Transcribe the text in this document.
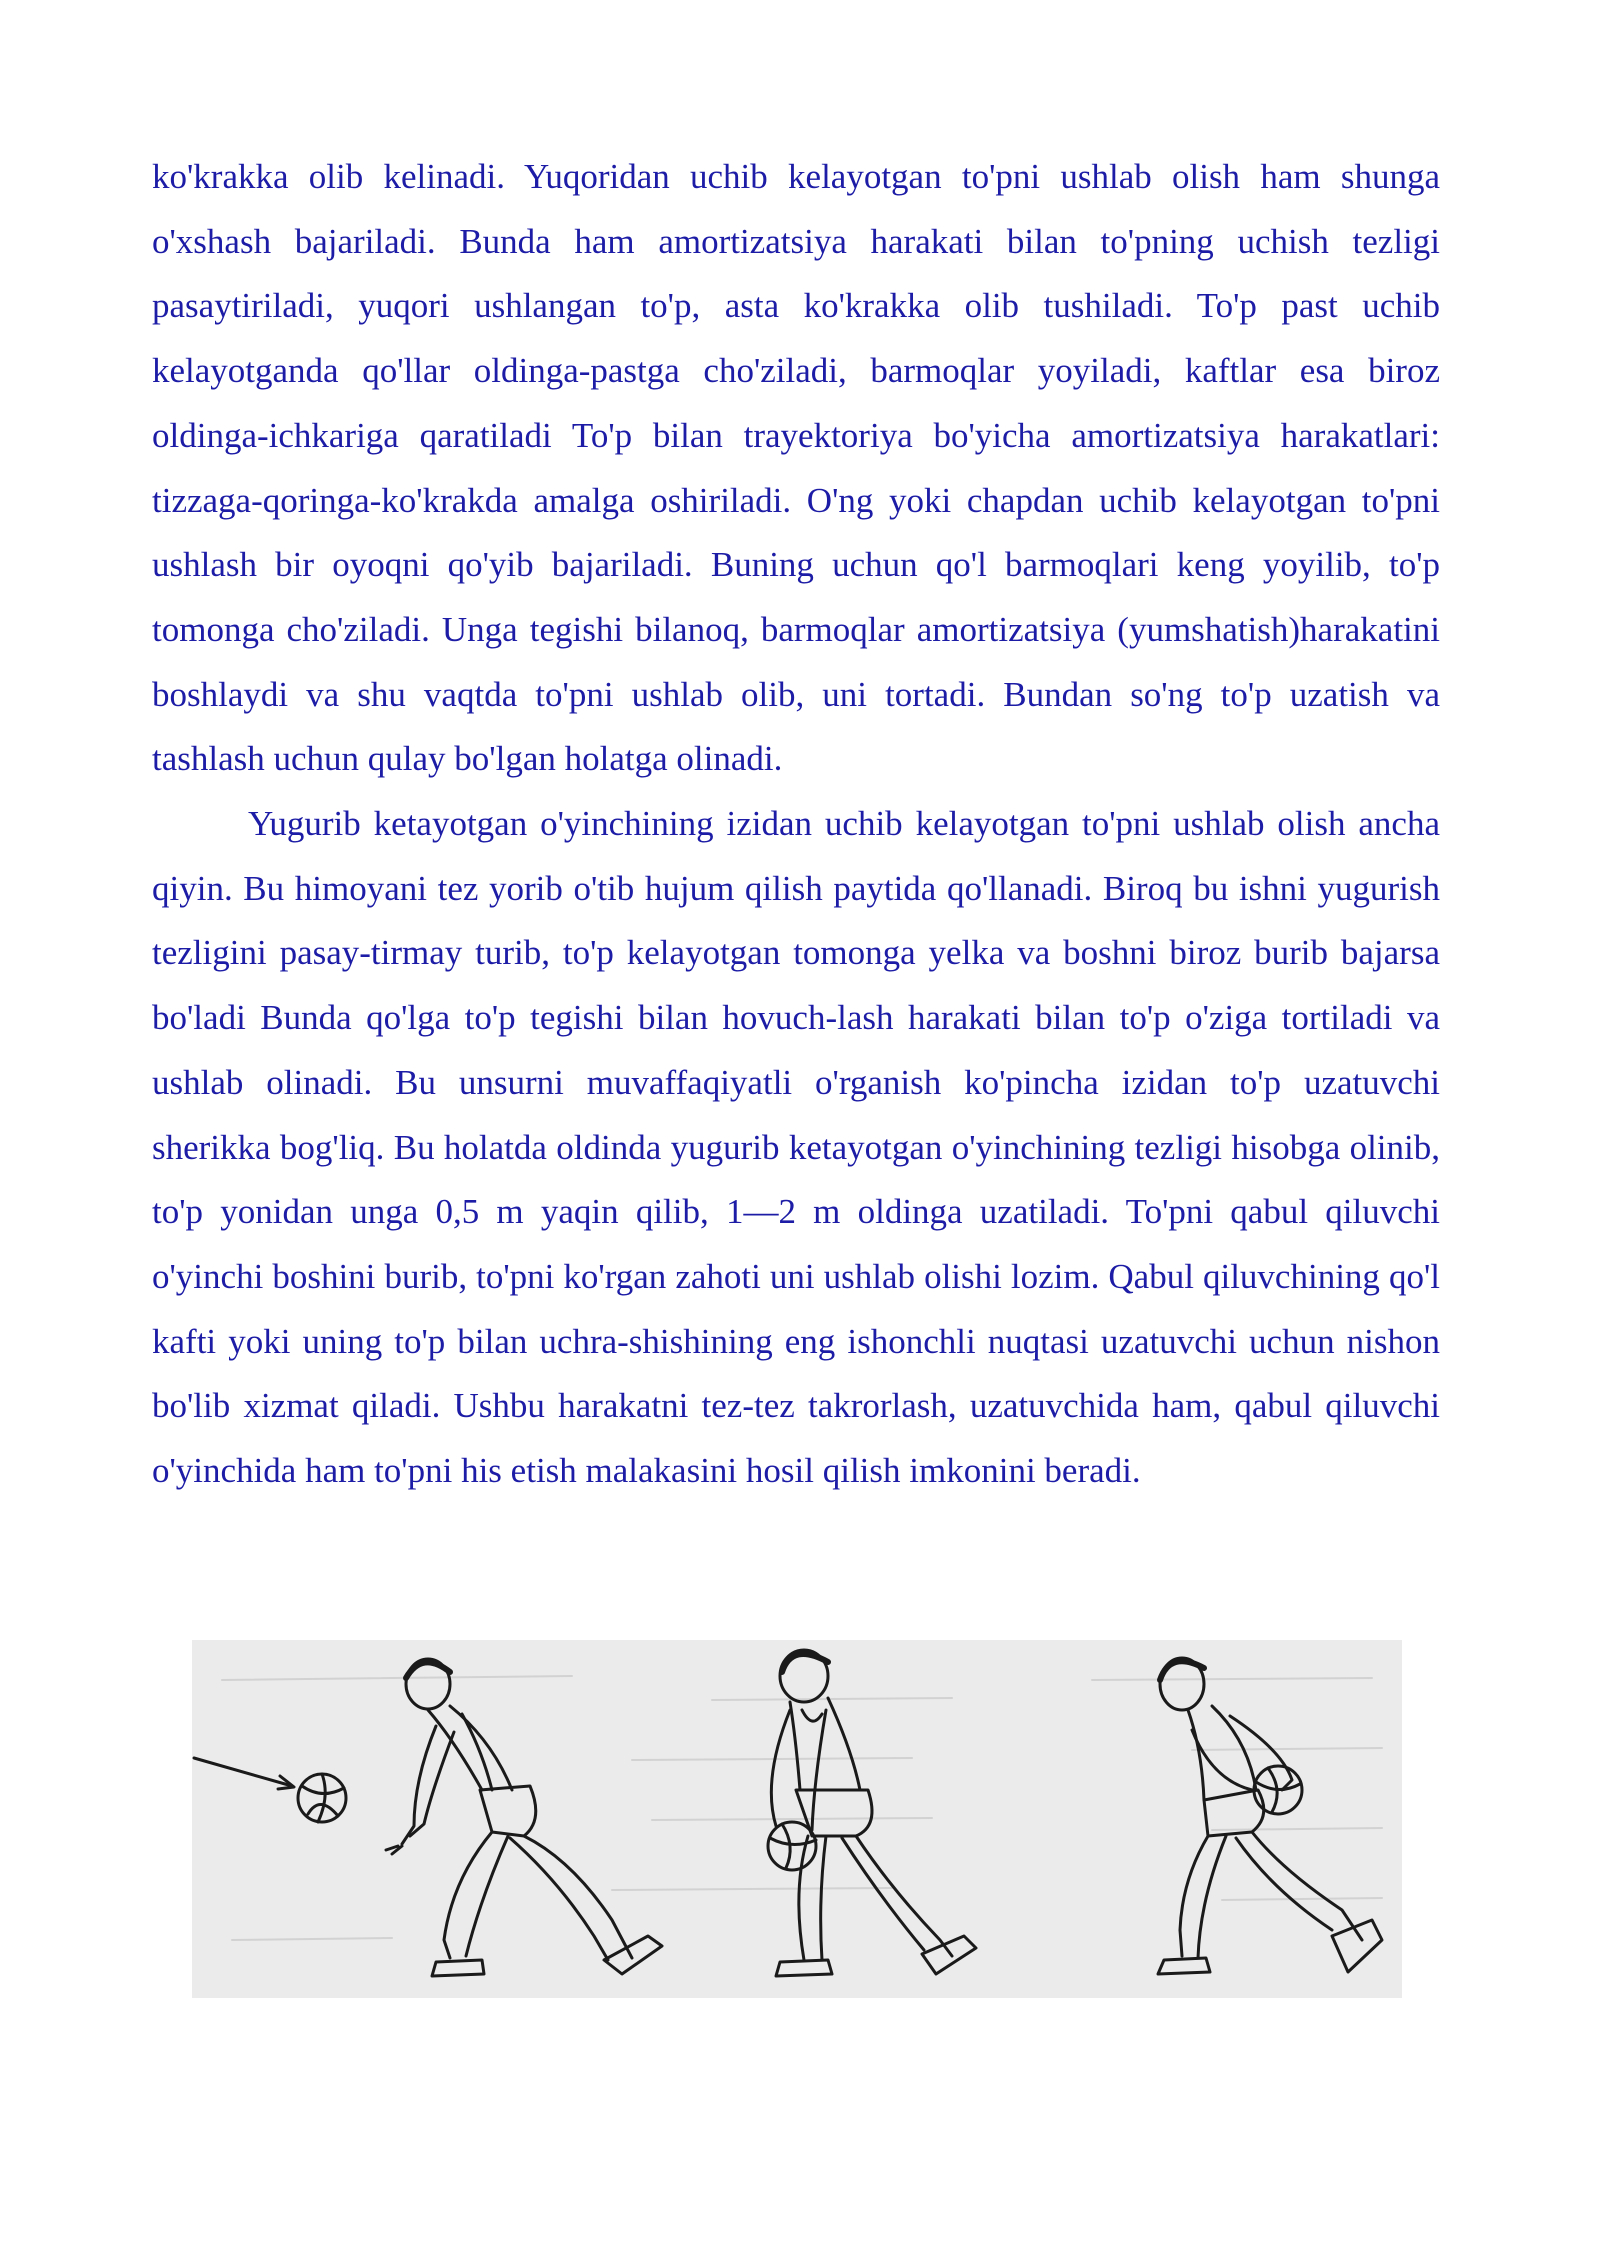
ko'krakka olib kelinadi. Yuqoridan uchib kelayotgan to'pni ushlab olish ham shunga o'xshash bajariladi. Bunda ham amortizatsiya harakati bilan to'pning uchish tezligi pasaytiriladi, yuqori ushlangan to'p, asta ko'krakka olib tushiladi. To'p past uchib kelayotganda qo'llar oldinga-pastga cho'ziladi, barmoqlar yoyiladi, kaftlar esa biroz oldinga-ichkariga qaratiladi To'p bilan trayektoriya bo'yicha amortizatsiya harakatlari: tizzaga-qoringa-ko'krakda amalga oshiriladi. O'ng yoki chapdan uchib kelayotgan to'pni ushlash bir oyoqni qo'yib bajariladi. Buning uchun qo'l barmoqlari keng yoyilib, to'p tomonga cho'ziladi. Unga tegishi bilanoq, barmoqlar amortizatsiya (yumshatish)harakatini boshlaydi va shu vaqtda to'pni ushlab olib, uni tortadi. Bundan so'ng to'p uzatish va tashlash uchun qulay bo'lgan holatga olinadi.

Yugurib ketayotgan o'yinchining izidan uchib kelayotgan to'pni ushlab olish ancha qiyin. Bu himoyani tez yorib o'tib hujum qilish paytida qo'llanadi. Biroq bu ishni yugurish tezligini pasay-tirmay turib, to'p kelayotgan tomonga yelka va boshni biroz burib bajarsa bo'ladi Bunda qo'lga to'p tegishi bilan hovuch-lash harakati bilan to'p o'ziga tortiladi va ushlab olinadi. Bu unsurni muvaffaqiyatli o'rganish ko'pincha izidan to'p uzatuvchi sherikka bog'liq. Bu holatda oldinda yugurib ketayotgan o'yinchining tezligi hisobga olinib, to'p yonidan unga 0,5 m yaqin qilib, 1—2 m oldinga uzatiladi. To'pni qabul qiluvchi o'yinchi boshini burib, to'pni ko'rgan zahoti uni ushlab olishi lozim. Qabul qiluvchining qo'l kafti yoki uning to'p bilan uchra-shishining eng ishonchli nuqtasi uzatuvchi uchun nishon bo'lib xizmat qiladi. Ushbu harakatni tez-tez takrorlash, uzatuvchida ham, qabul qiluvchi o'yinchida ham to'pni his etish malakasini hosil qilish imkonini beradi.
